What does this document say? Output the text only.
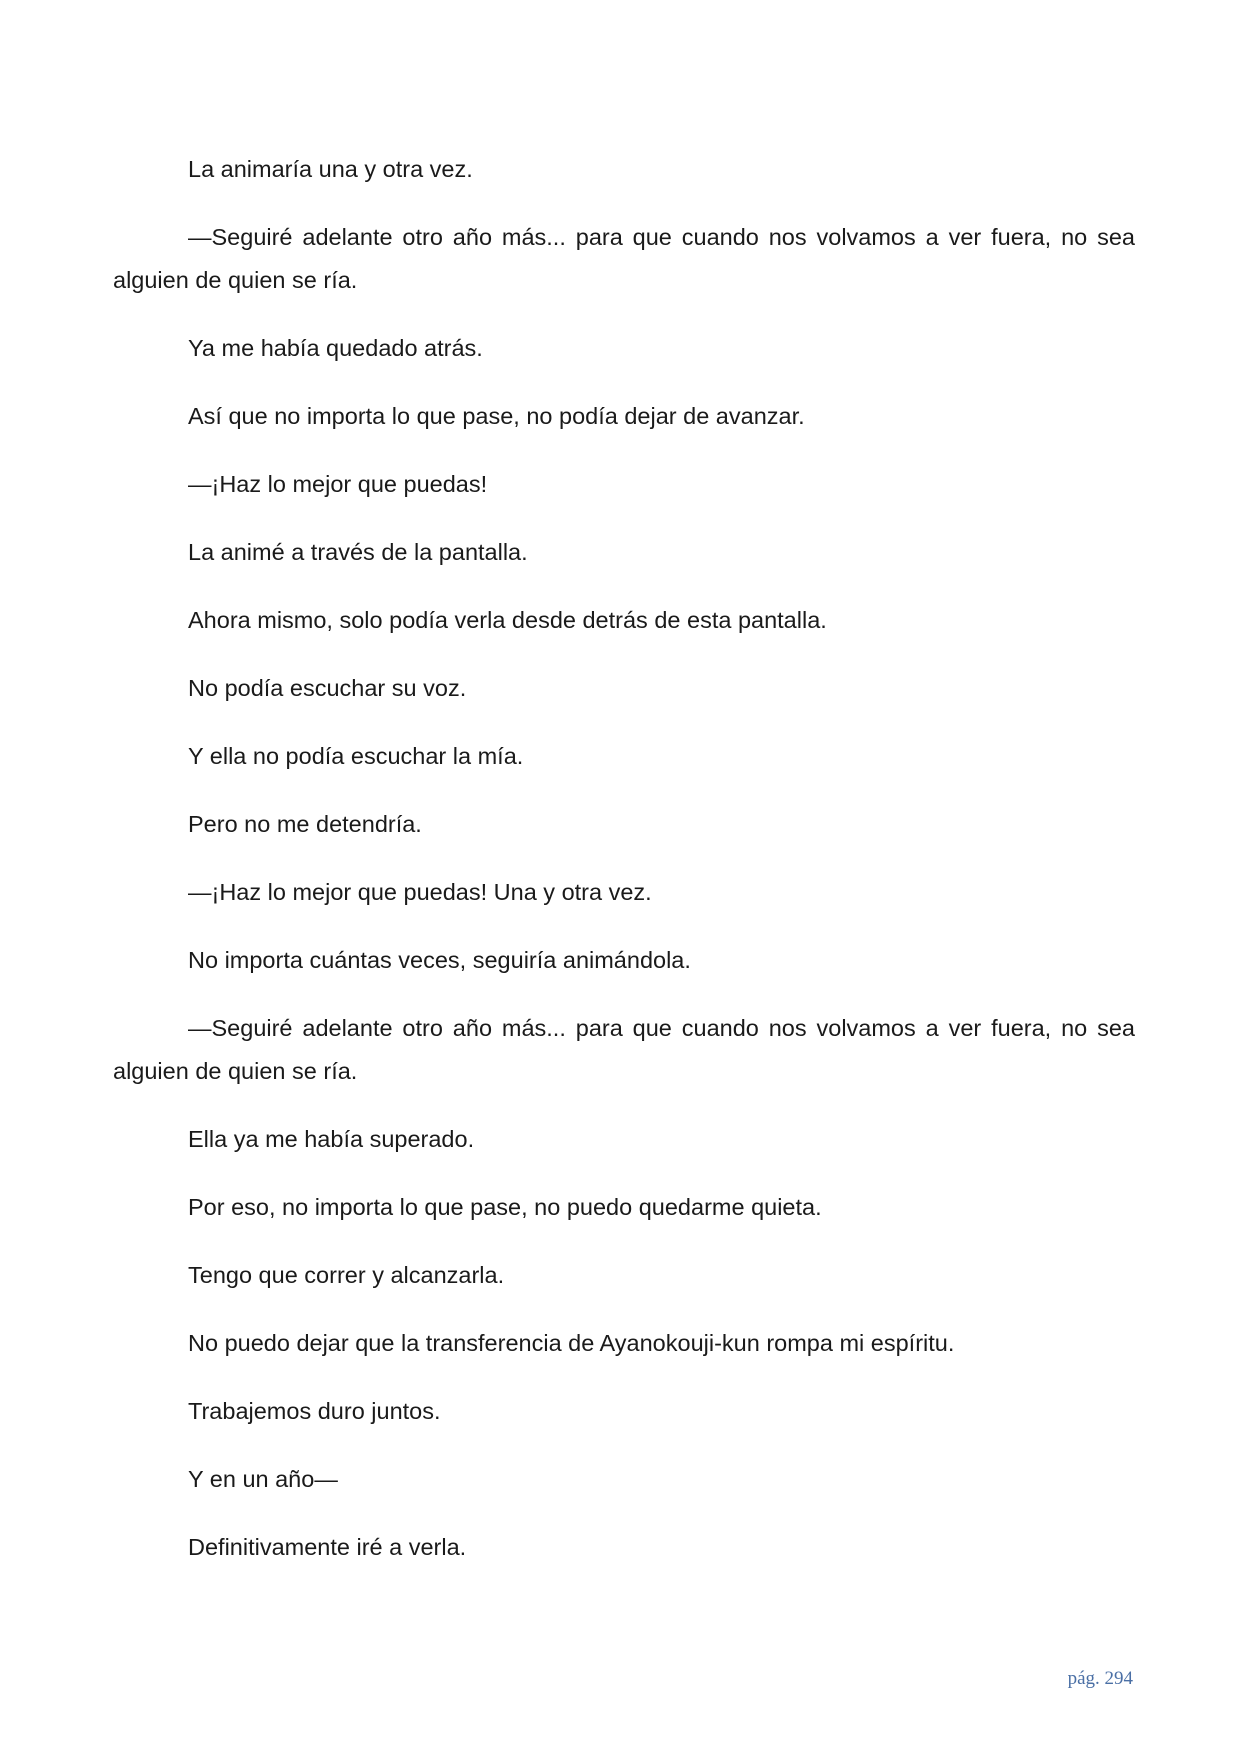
La animaría una y otra vez.

—Seguiré adelante otro año más... para que cuando nos volvamos a ver fuera, no sea alguien de quien se ría.

Ya me había quedado atrás.

Así que no importa lo que pase, no podía dejar de avanzar.

—¡Haz lo mejor que puedas!

La animé a través de la pantalla.

Ahora mismo, solo podía verla desde detrás de esta pantalla.

No podía escuchar su voz.

Y ella no podía escuchar la mía.

Pero no me detendría.

—¡Haz lo mejor que puedas! Una y otra vez.

No importa cuántas veces, seguiría animándola.

—Seguiré adelante otro año más... para que cuando nos volvamos a ver fuera, no sea alguien de quien se ría.

Ella ya me había superado.

Por eso, no importa lo que pase, no puedo quedarme quieta.

Tengo que correr y alcanzarla.

No puedo dejar que la transferencia de Ayanokouji-kun rompa mi espíritu.

Trabajemos duro juntos.

Y en un año—

Definitivamente iré a verla.

pág. 294
